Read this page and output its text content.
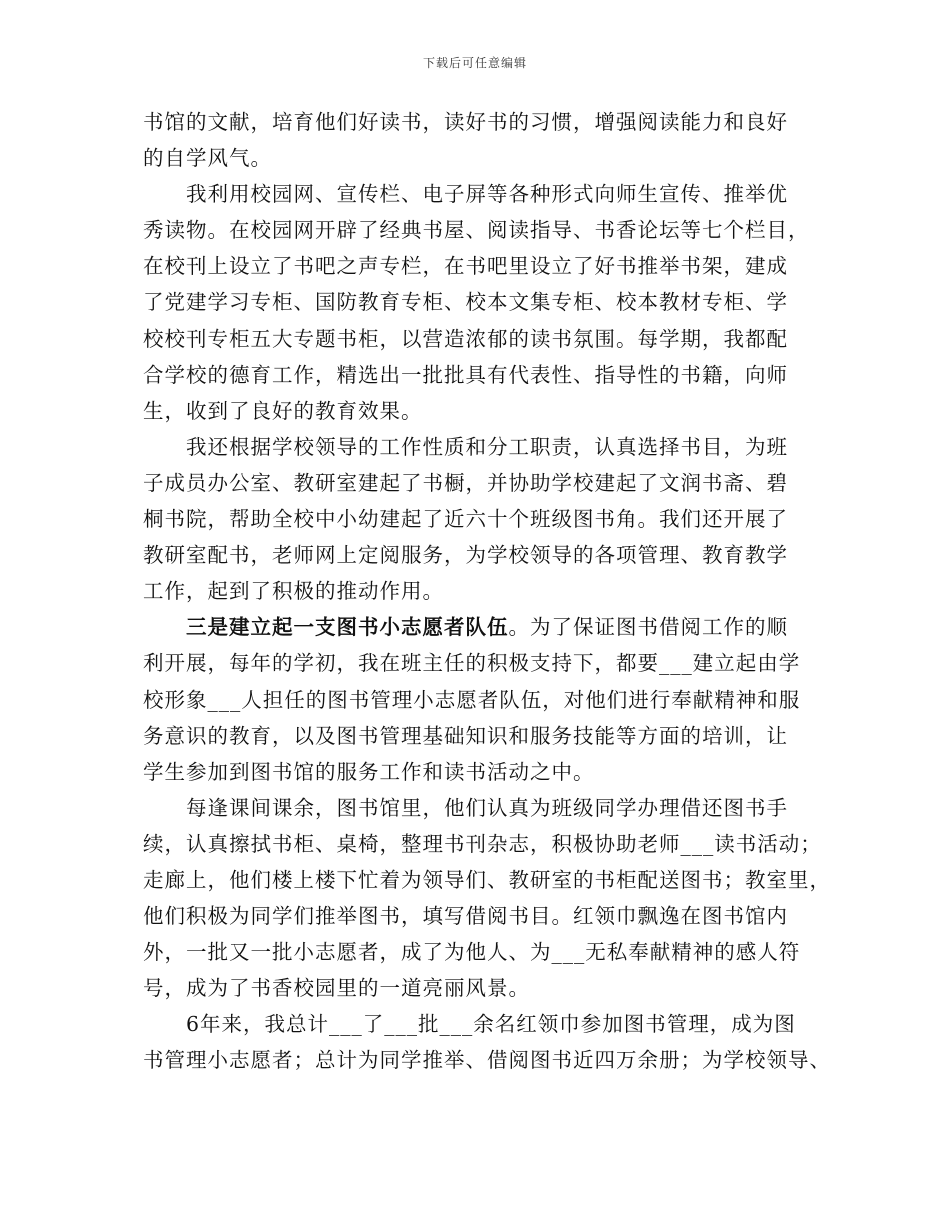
下载后可任意编辑
书馆的文献，培育他们好读书，读好书的习惯，增强阅读能力和良好
的自学风气。
　　我利用校园网、宣传栏、电子屏等各种形式向师生宣传、推举优
秀读物。在校园网开辟了经典书屋、阅读指导、书香论坛等七个栏目，
在校刊上设立了书吧之声专栏，在书吧里设立了好书推举书架，建成
了党建学习专柜、国防教育专柜、校本文集专柜、校本教材专柜、学
校校刊专柜五大专题书柜，以营造浓郁的读书氛围。每学期，我都配
合学校的德育工作，精选出一批批具有代表性、指导性的书籍，向师
生，收到了良好的教育效果。
　　我还根据学校领导的工作性质和分工职责，认真选择书目，为班
子成员办公室、教研室建起了书橱，并协助学校建起了文润书斋、碧
桐书院，帮助全校中小幼建起了近六十个班级图书角。我们还开展了
教研室配书，老师网上定阅服务，为学校领导的各项管理、教育教学
工作，起到了积极的推动作用。
　　三是建立起一支图书小志愿者队伍。为了保证图书借阅工作的顺
利开展，每年的学初，我在班主任的积极支持下，都要___建立起由学
校形象___人担任的图书管理小志愿者队伍，对他们进行奉献精神和服
务意识的教育，以及图书管理基础知识和服务技能等方面的培训，让
学生参加到图书馆的服务工作和读书活动之中。
　　每逢课间课余，图书馆里，他们认真为班级同学办理借还图书手
续，认真擦拭书柜、桌椅，整理书刊杂志，积极协助老师___读书活动；
走廊上，他们楼上楼下忙着为领导们、教研室的书柜配送图书；教室里，
他们积极为同学们推举图书，填写借阅书目。红领巾飘逸在图书馆内
外，一批又一批小志愿者，成了为他人、为___无私奉献精神的感人符
号，成为了书香校园里的一道亮丽风景。
　　6年来，我总计___了___批___余名红领巾参加图书管理，成为图
书管理小志愿者；总计为同学推举、借阅图书近四万余册；为学校领导、
